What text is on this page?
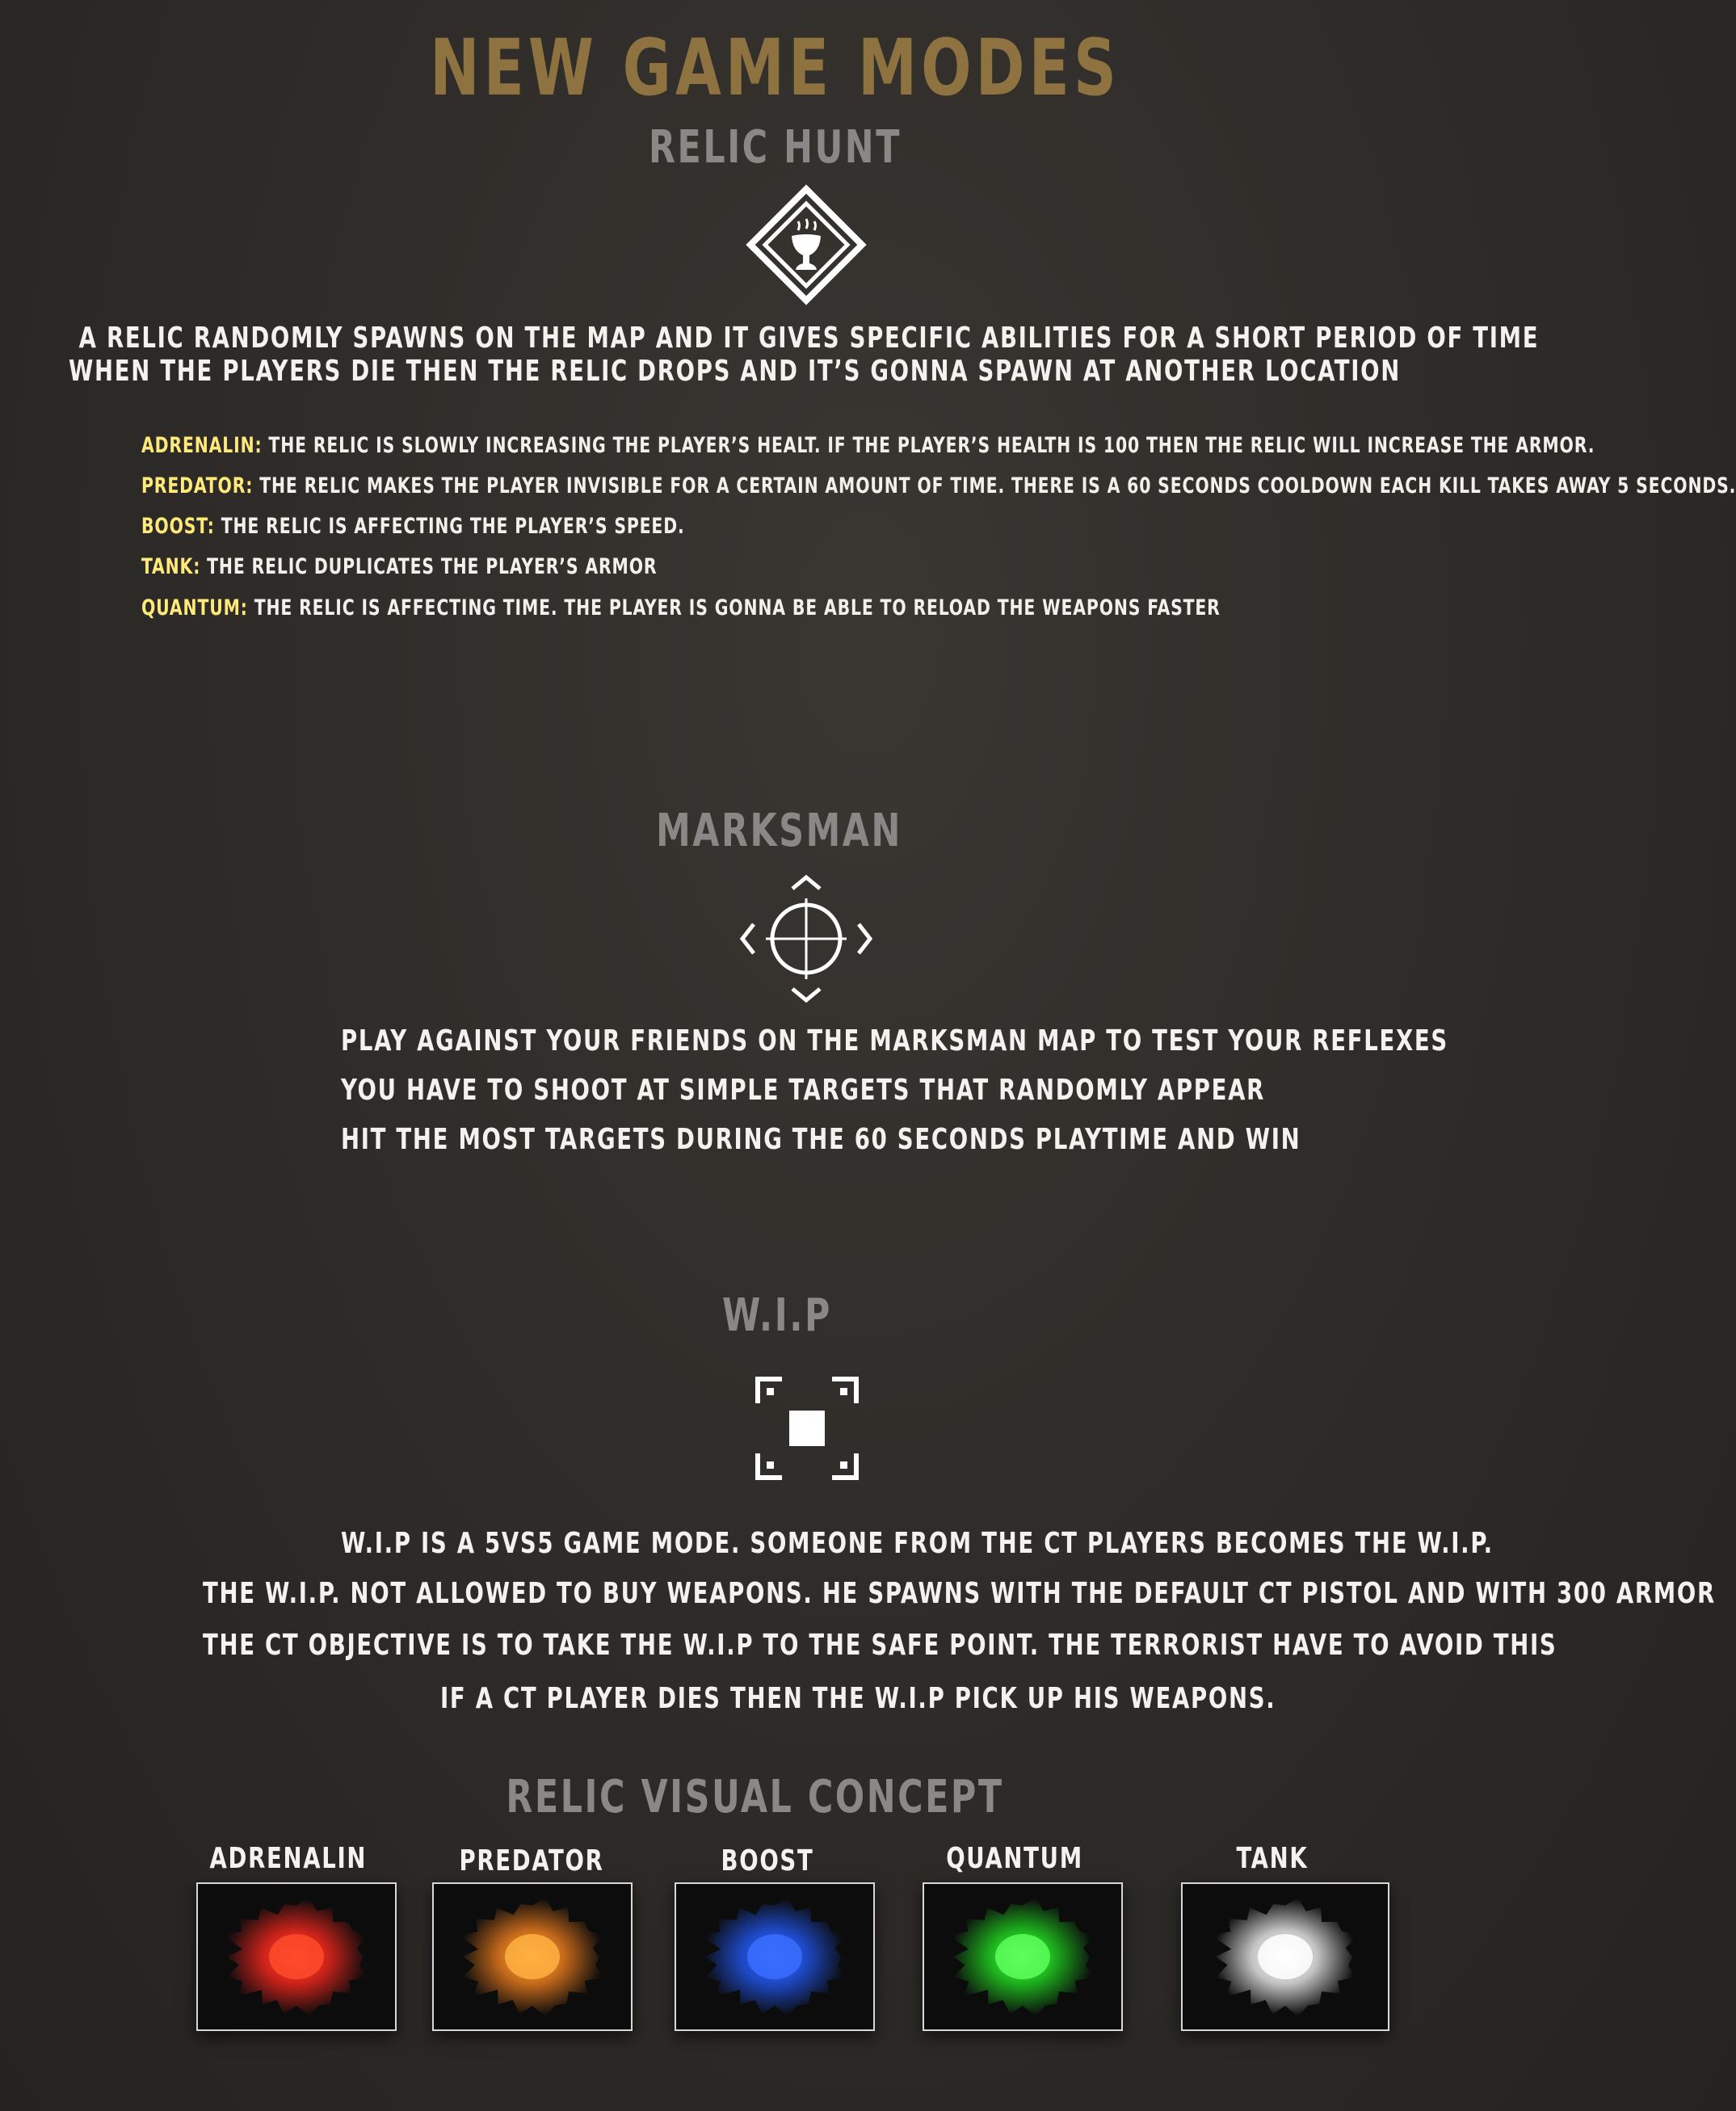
NEW GAME MODES
RELIC HUNT
A RELIC RANDOMLY SPAWNS ON THE MAP AND IT GIVES SPECIFIC ABILITIES FOR A SHORT PERIOD OF TIME
WHEN THE PLAYERS DIE THEN THE RELIC DROPS AND IT’S GONNA SPAWN AT ANOTHER LOCATION
ADRENALIN: THE RELIC IS SLOWLY INCREASING THE PLAYER’S HEALT. IF THE PLAYER’S HEALTH IS 100 THEN THE RELIC WILL INCREASE THE ARMOR.
PREDATOR: THE RELIC MAKES THE PLAYER INVISIBLE FOR A CERTAIN AMOUNT OF TIME. THERE IS A 60 SECONDS COOLDOWN EACH KILL TAKES AWAY 5 SECONDS.
BOOST: THE RELIC IS AFFECTING THE PLAYER’S SPEED.
TANK: THE RELIC DUPLICATES THE PLAYER’S ARMOR
QUANTUM: THE RELIC IS AFFECTING TIME. THE PLAYER IS GONNA BE ABLE TO RELOAD THE WEAPONS FASTER
MARKSMAN
PLAY AGAINST YOUR FRIENDS ON THE MARKSMAN MAP TO TEST YOUR REFLEXES
YOU HAVE TO SHOOT AT SIMPLE TARGETS THAT RANDOMLY APPEAR
HIT THE MOST TARGETS DURING THE 60 SECONDS PLAYTIME AND WIN
W.I.P
W.I.P IS A 5VS5 GAME MODE. SOMEONE FROM THE CT PLAYERS BECOMES THE W.I.P.
THE W.I.P. NOT ALLOWED TO BUY WEAPONS. HE SPAWNS WITH THE DEFAULT CT PISTOL AND WITH 300 ARMOR
THE CT OBJECTIVE IS TO TAKE THE W.I.P TO THE SAFE POINT. THE TERRORIST HAVE TO AVOID THIS
IF A CT PLAYER DIES THEN THE W.I.P PICK UP HIS WEAPONS.
RELIC VISUAL CONCEPT
ADRENALIN	PREDATOR	BOOST	QUANTUM	TANK
